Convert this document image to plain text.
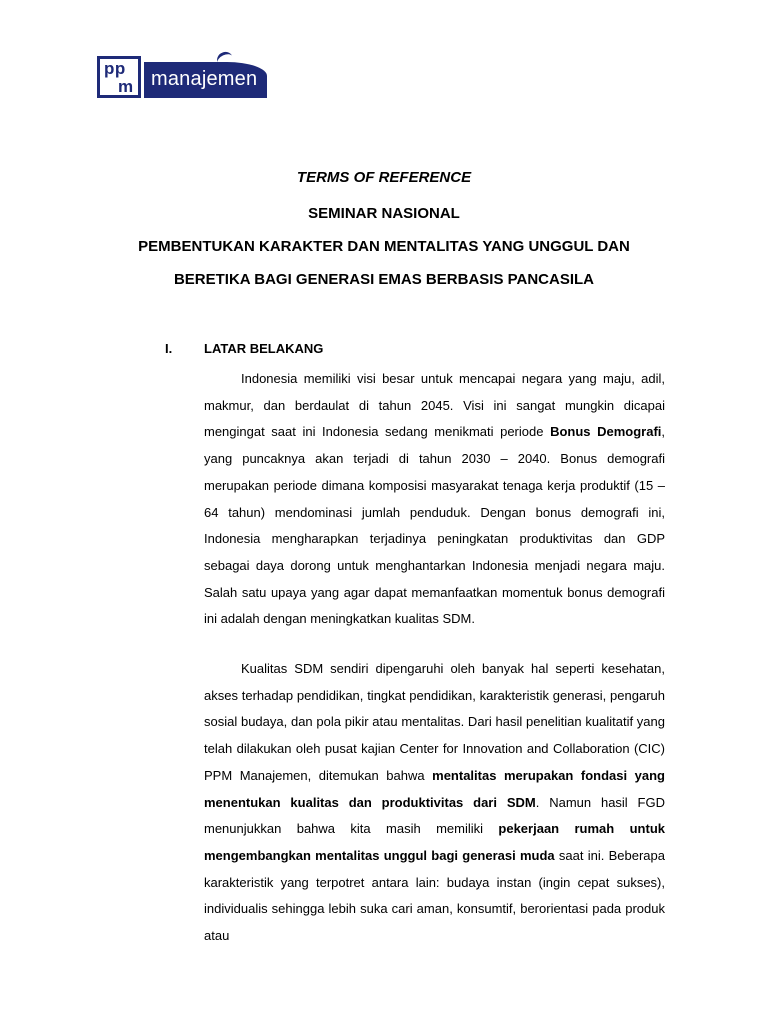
pp
m manajemen
TERMS OF REFERENCE
SEMINAR NASIONAL
PEMBENTUKAN KARAKTER DAN MENTALITAS YANG UNGGUL DAN
BERETIKA BAGI GENERASI EMAS BERBASIS PANCASILA
I. LATAR BELAKANG

Indonesia memiliki visi besar untuk mencapai negara yang maju, adil, makmur, dan berdaulat di tahun 2045. Visi ini sangat mungkin dicapai mengingat saat ini Indonesia sedang menikmati periode Bonus Demografi, yang puncaknya akan terjadi di tahun 2030 – 2040. Bonus demografi merupakan periode dimana komposisi masyarakat tenaga kerja produktif (15 – 64 tahun) mendominasi jumlah penduduk. Dengan bonus demografi ini, Indonesia mengharapkan terjadinya peningkatan produktivitas dan GDP sebagai daya dorong untuk menghantarkan Indonesia menjadi negara maju. Salah satu upaya yang agar dapat memanfaatkan momentuk bonus demografi ini adalah dengan meningkatkan kualitas SDM.

Kualitas SDM sendiri dipengaruhi oleh banyak hal seperti kesehatan, akses terhadap pendidikan, tingkat pendidikan, karakteristik generasi, pengaruh sosial budaya, dan pola pikir atau mentalitas. Dari hasil penelitian kualitatif yang telah dilakukan oleh pusat kajian Center for Innovation and Collaboration (CIC) PPM Manajemen, ditemukan bahwa mentalitas merupakan fondasi yang menentukan kualitas dan produktivitas dari SDM. Namun hasil FGD menunjukkan bahwa kita masih memiliki pekerjaan rumah untuk mengembangkan mentalitas unggul bagi generasi muda saat ini. Beberapa karakteristik yang terpotret antara lain: budaya instan (ingin cepat sukses), individualis sehingga lebih suka cari aman, konsumtif, berorientasi pada produk atau
